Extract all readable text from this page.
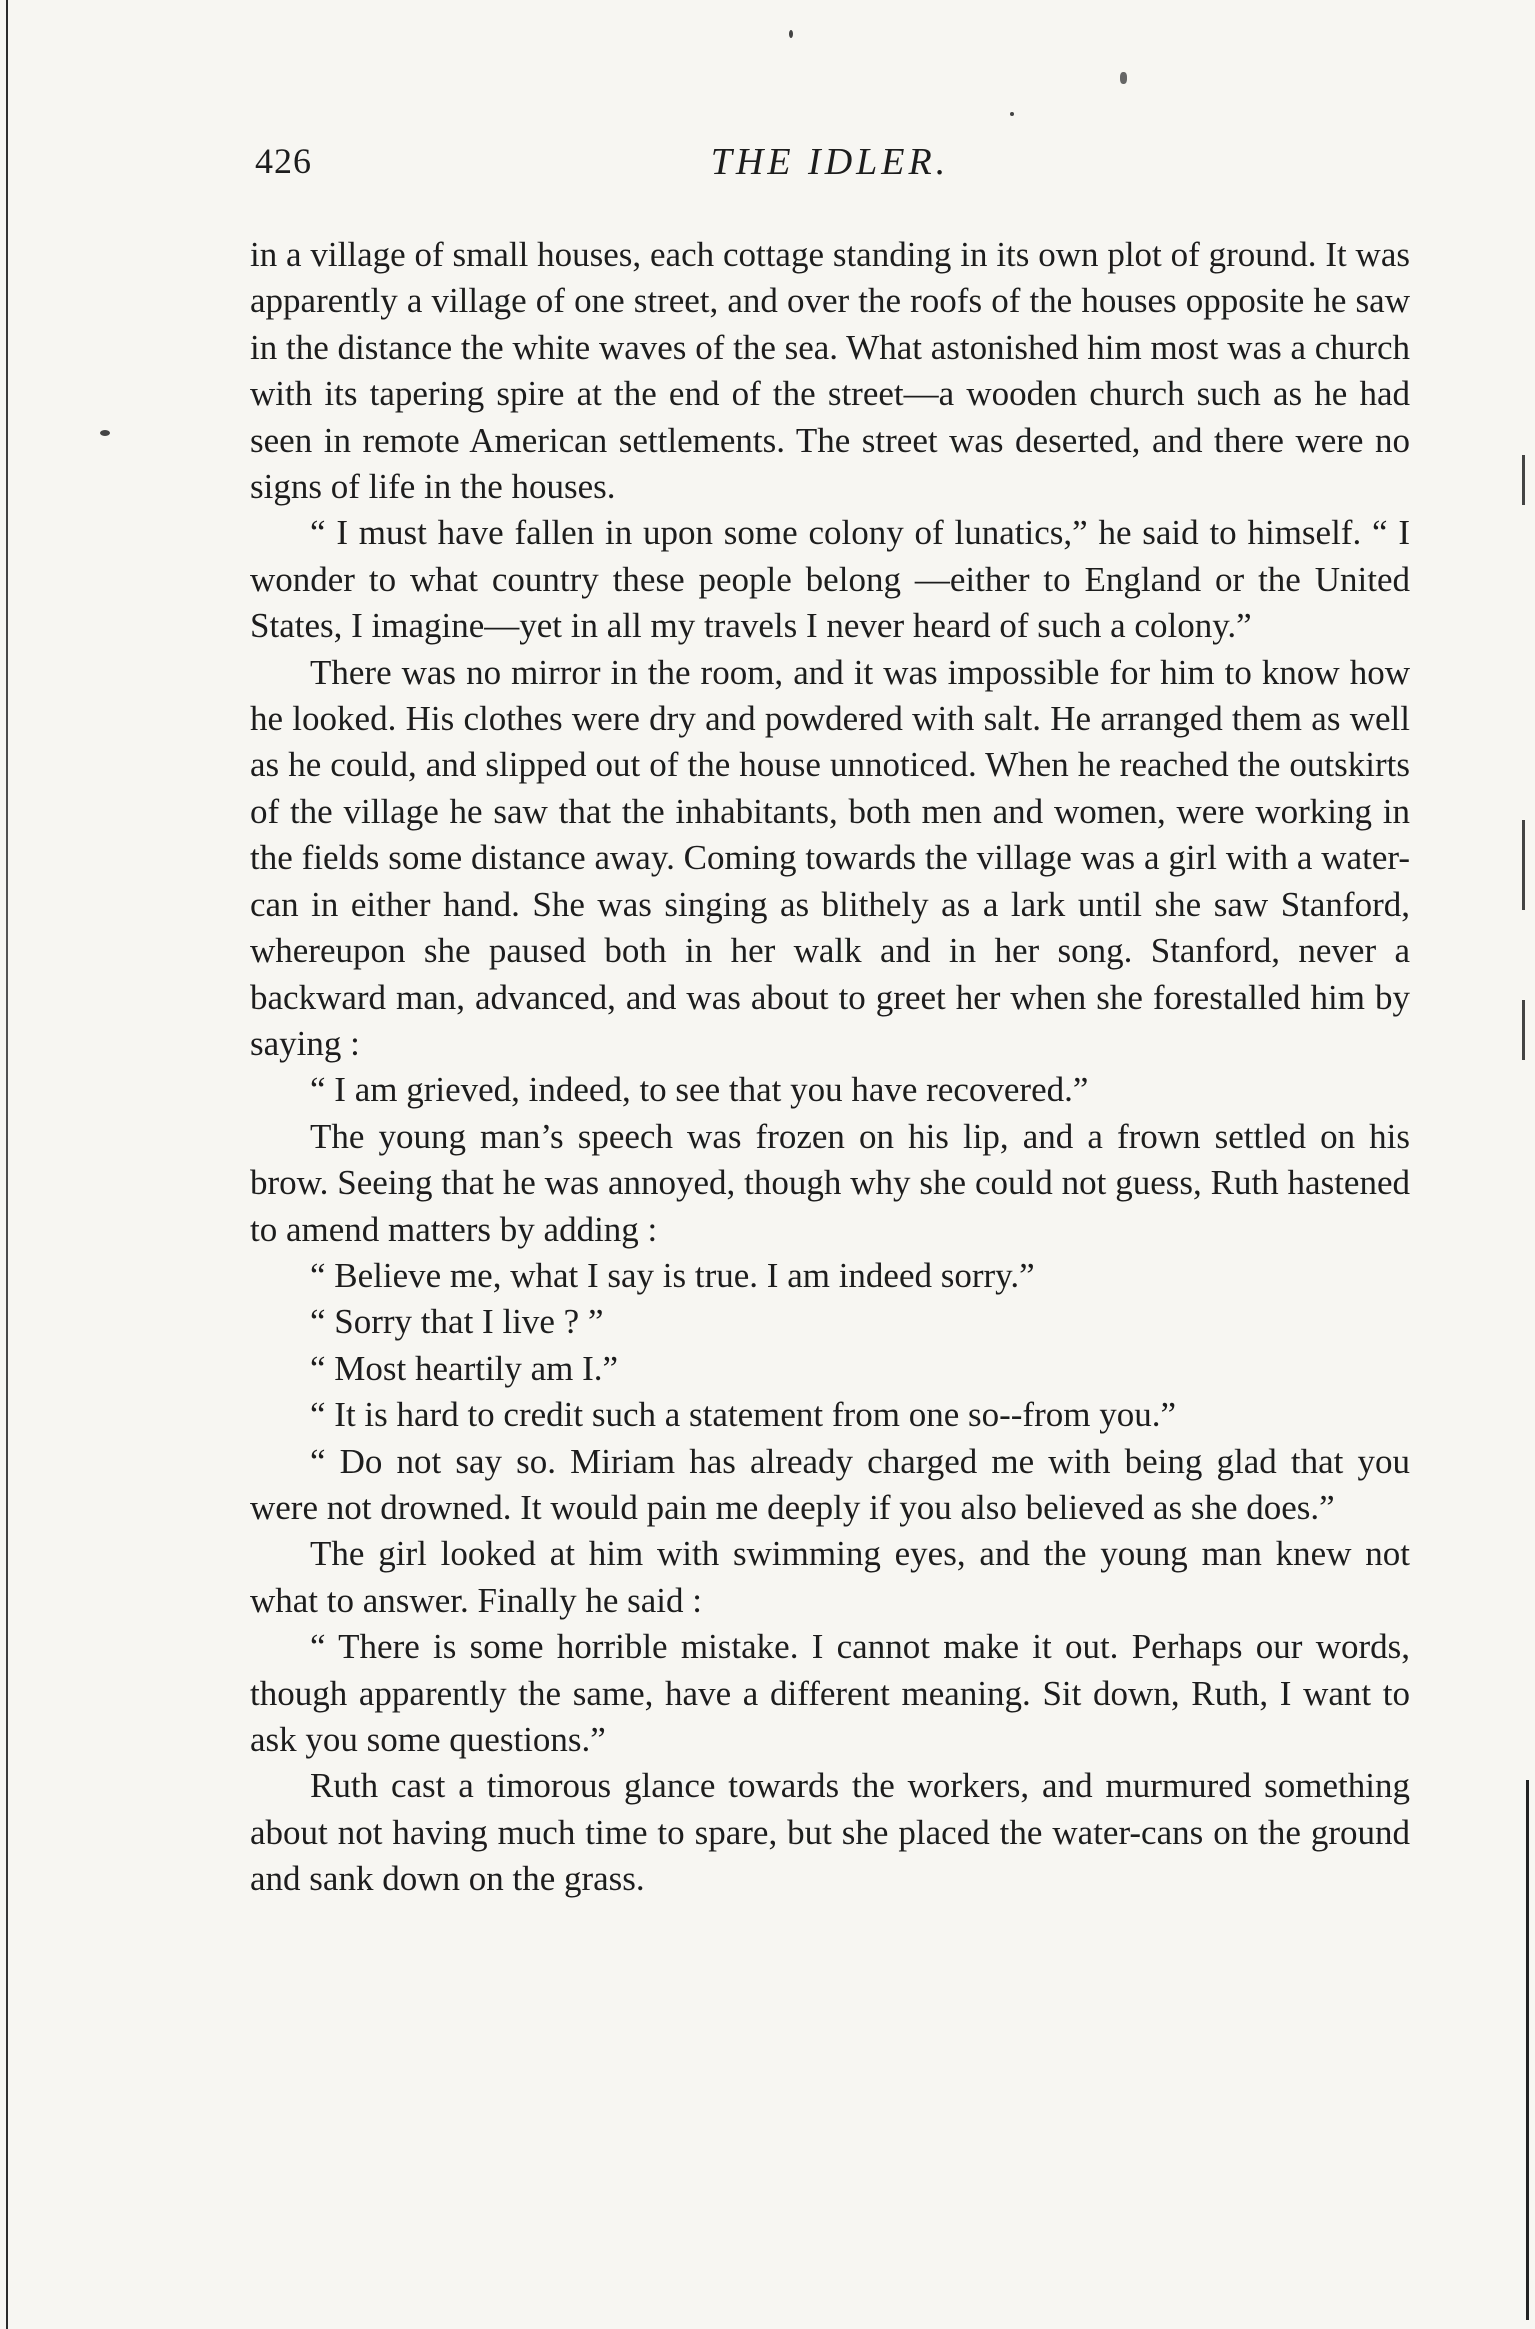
426	THE IDLER.

in a village of small houses, each cottage standing in its own plot of ground. It was apparently a village of one street, and over the roofs of the houses opposite he saw in the distance the white waves of the sea. What astonished him most was a church with its tapering spire at the end of the street—a wooden church such as he had seen in remote American settlements. The street was deserted, and there were no signs of life in the houses.

“ I must have fallen in upon some colony of lunatics,” he said to himself. “ I wonder to what country these people belong —either to England or the United States, I imagine—yet in all my travels I never heard of such a colony.”

There was no mirror in the room, and it was impossible for him to know how he looked. His clothes were dry and powdered with salt. He arranged them as well as he could, and slipped out of the house unnoticed. When he reached the outskirts of the village he saw that the inhabitants, both men and women, were working in the fields some distance away. Coming towards the village was a girl with a water-can in either hand. She was singing as blithely as a lark until she saw Stanford, whereupon she paused both in her walk and in her song. Stanford, never a backward man, advanced, and was about to greet her when she forestalled him by saying :

“ I am grieved, indeed, to see that you have recovered.”

The young man’s speech was frozen on his lip, and a frown settled on his brow. Seeing that he was annoyed, though why she could not guess, Ruth hastened to amend matters by adding :

“ Believe me, what I say is true. I am indeed sorry.”

“ Sorry that I live ? ”

“ Most heartily am I.”

“ It is hard to credit such a statement from one so--from you.”

“ Do not say so. Miriam has already charged me with being glad that you were not drowned. It would pain me deeply if you also believed as she does.”

The girl looked at him with swimming eyes, and the young man knew not what to answer. Finally he said :

“ There is some horrible mistake. I cannot make it out. Perhaps our words, though apparently the same, have a different meaning. Sit down, Ruth, I want to ask you some questions.”

Ruth cast a timorous glance towards the workers, and murmured something about not having much time to spare, but she placed the water-cans on the ground and sank down on the grass.
